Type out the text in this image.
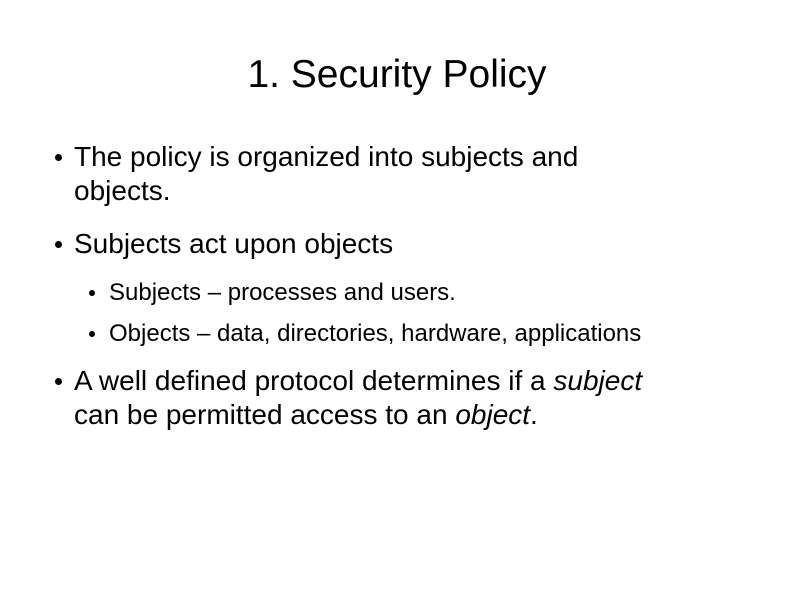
1. Security Policy

The policy is organized into subjects and
objects.

Subjects act upon objects

Subjects – processes and users.

Objects – data, directories, hardware, applications

A well defined protocol determines if a subject
can be permitted access to an object.
